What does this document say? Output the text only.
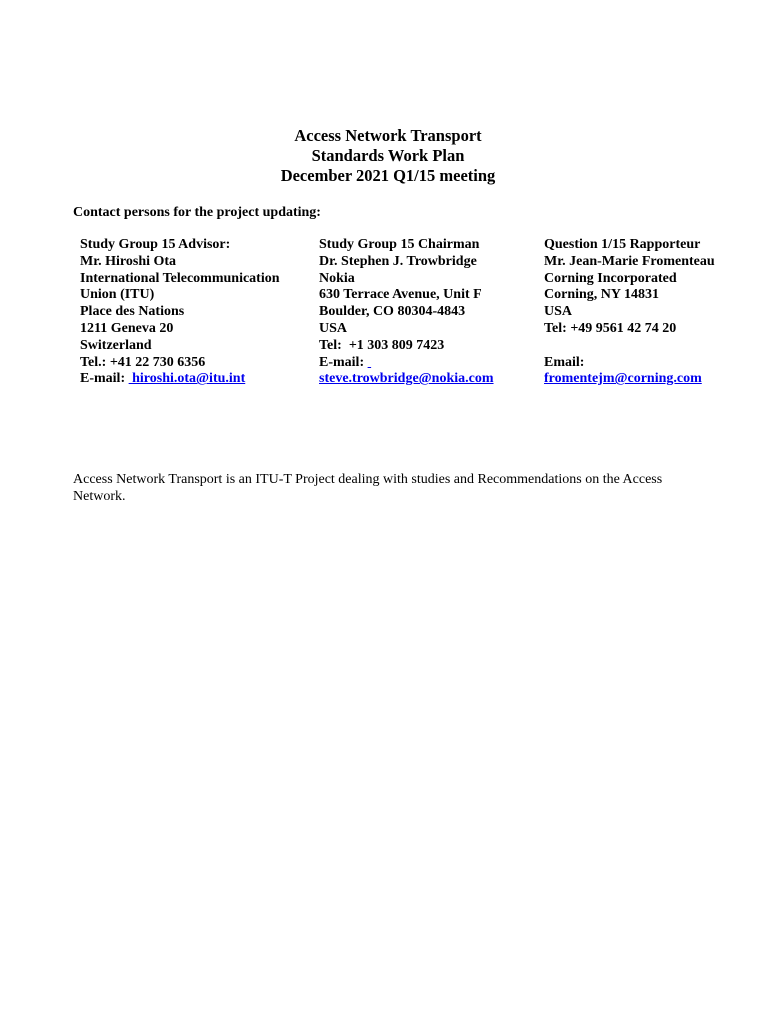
Access Network Transport
Standards Work Plan
December 2021 Q1/15 meeting
Contact persons for the project updating:
Study Group 15 Advisor:
Mr. Hiroshi Ota
International Telecommunication
Union (ITU)
Place des Nations
1211 Geneva 20
Switzerland
Tel.: +41 22 730 6356
E-mail:  hiroshi.ota@itu.int
Study Group 15 Chairman
Dr. Stephen J. Trowbridge
Nokia
630 Terrace Avenue, Unit F
Boulder, CO 80304-4843
USA
Tel:  +1 303 809 7423
E-mail:
steve.trowbridge@nokia.com
Question 1/15 Rapporteur
Mr. Jean-Marie Fromenteau
Corning Incorporated
Corning, NY 14831
USA
Tel: +49 9561 42 74 20
Email:
fromentejm@corning.com
Access Network Transport is an ITU-T Project dealing with studies and Recommendations on the Access Network.
